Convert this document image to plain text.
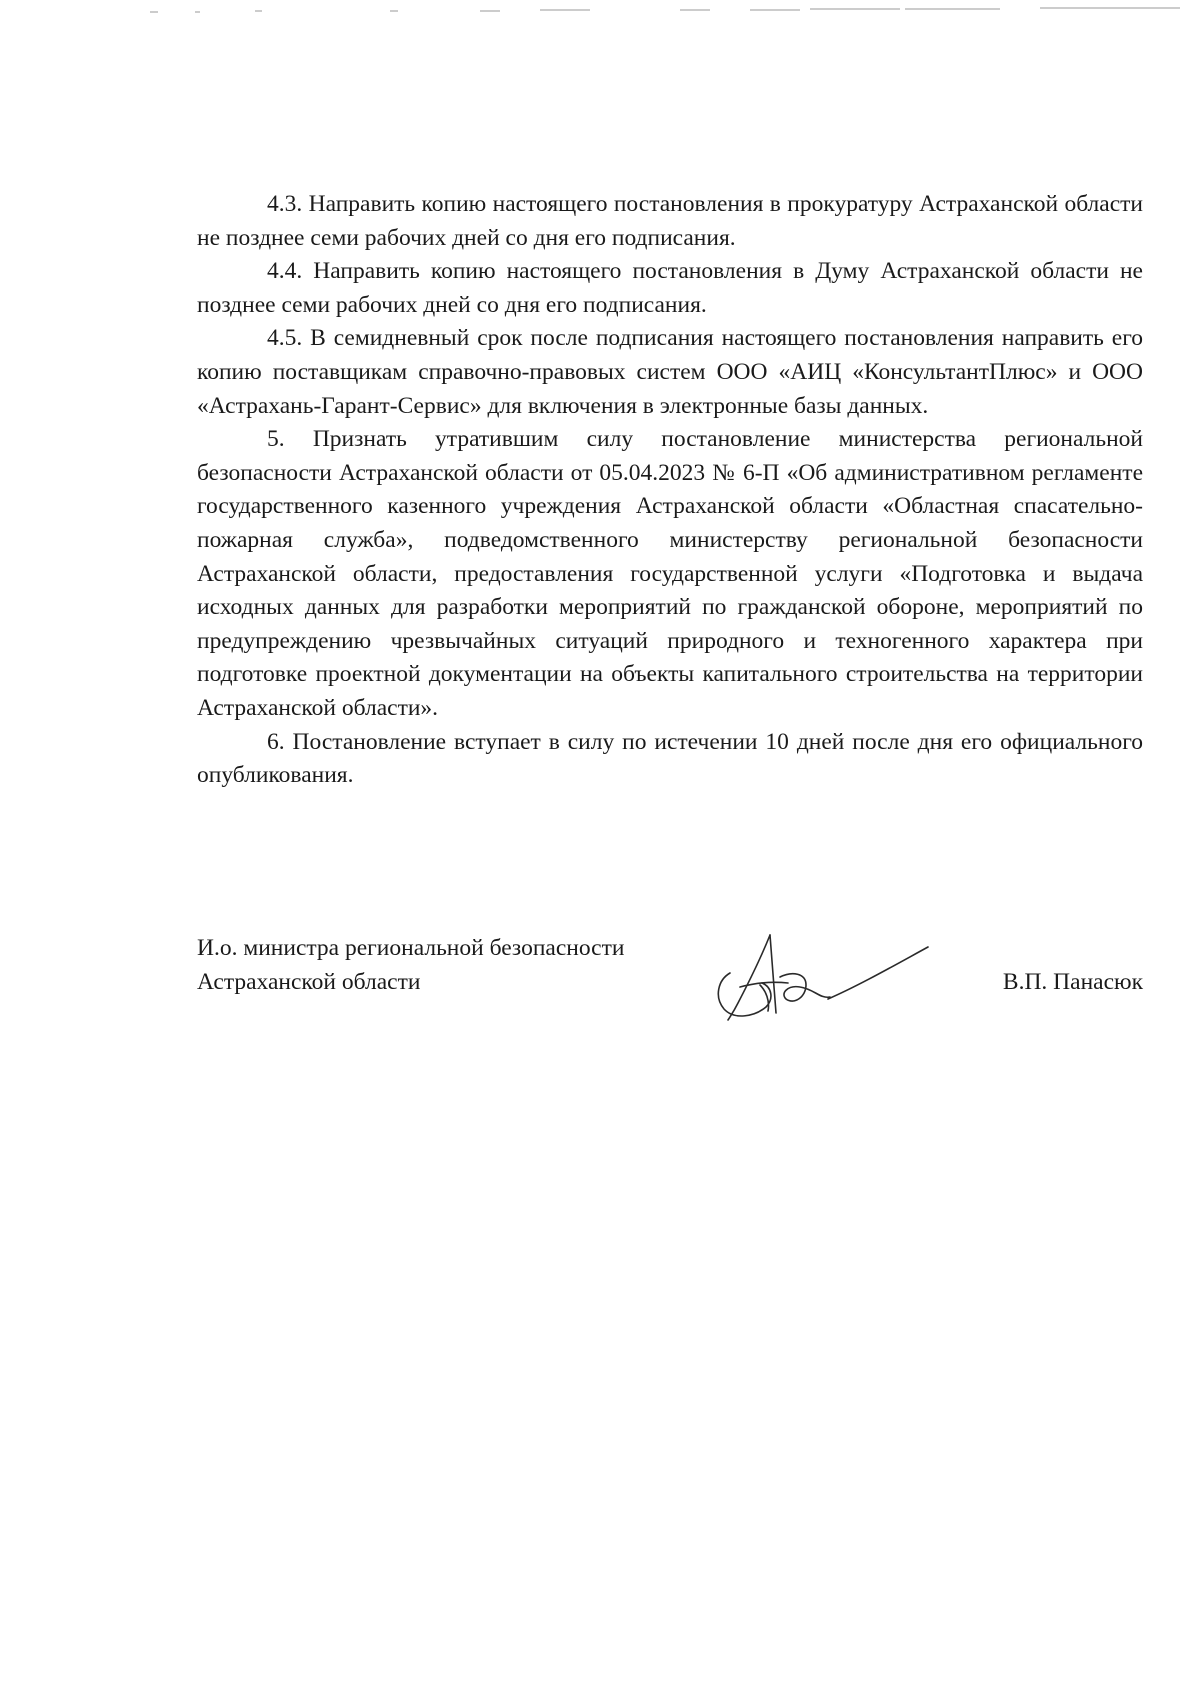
4.3. Направить копию настоящего постановления в прокуратуру Астраханской области не позднее семи рабочих дней со дня его подписания.

4.4. Направить копию настоящего постановления в Думу Астраханской области не позднее семи рабочих дней со дня его подписания.

4.5. В семидневный срок после подписания настоящего постановления направить его копию поставщикам справочно-правовых систем ООО «АИЦ «КонсультантПлюс» и ООО «Астрахань-Гарант-Сервис» для включения в электронные базы данных.

5. Признать утратившим силу постановление министерства региональной безопасности Астраханской области от 05.04.2023 № 6-П «Об административном регламенте государственного казенного учреждения Астраханской области «Областная спасательно-пожарная служба», подведомственного министерству региональной безопасности Астраханской области, предоставления государственной услуги «Подготовка и выдача исходных данных для разработки мероприятий по гражданской обороне, мероприятий по предупреждению чрезвычайных ситуаций природного и техногенного характера при подготовке проектной документации на объекты капитального строительства на территории Астраханской области».

6. Постановление вступает в силу по истечении 10 дней после дня его официального опубликования.

И.о. министра региональной безопасности
Астраханской области	В.П. Панасюк
